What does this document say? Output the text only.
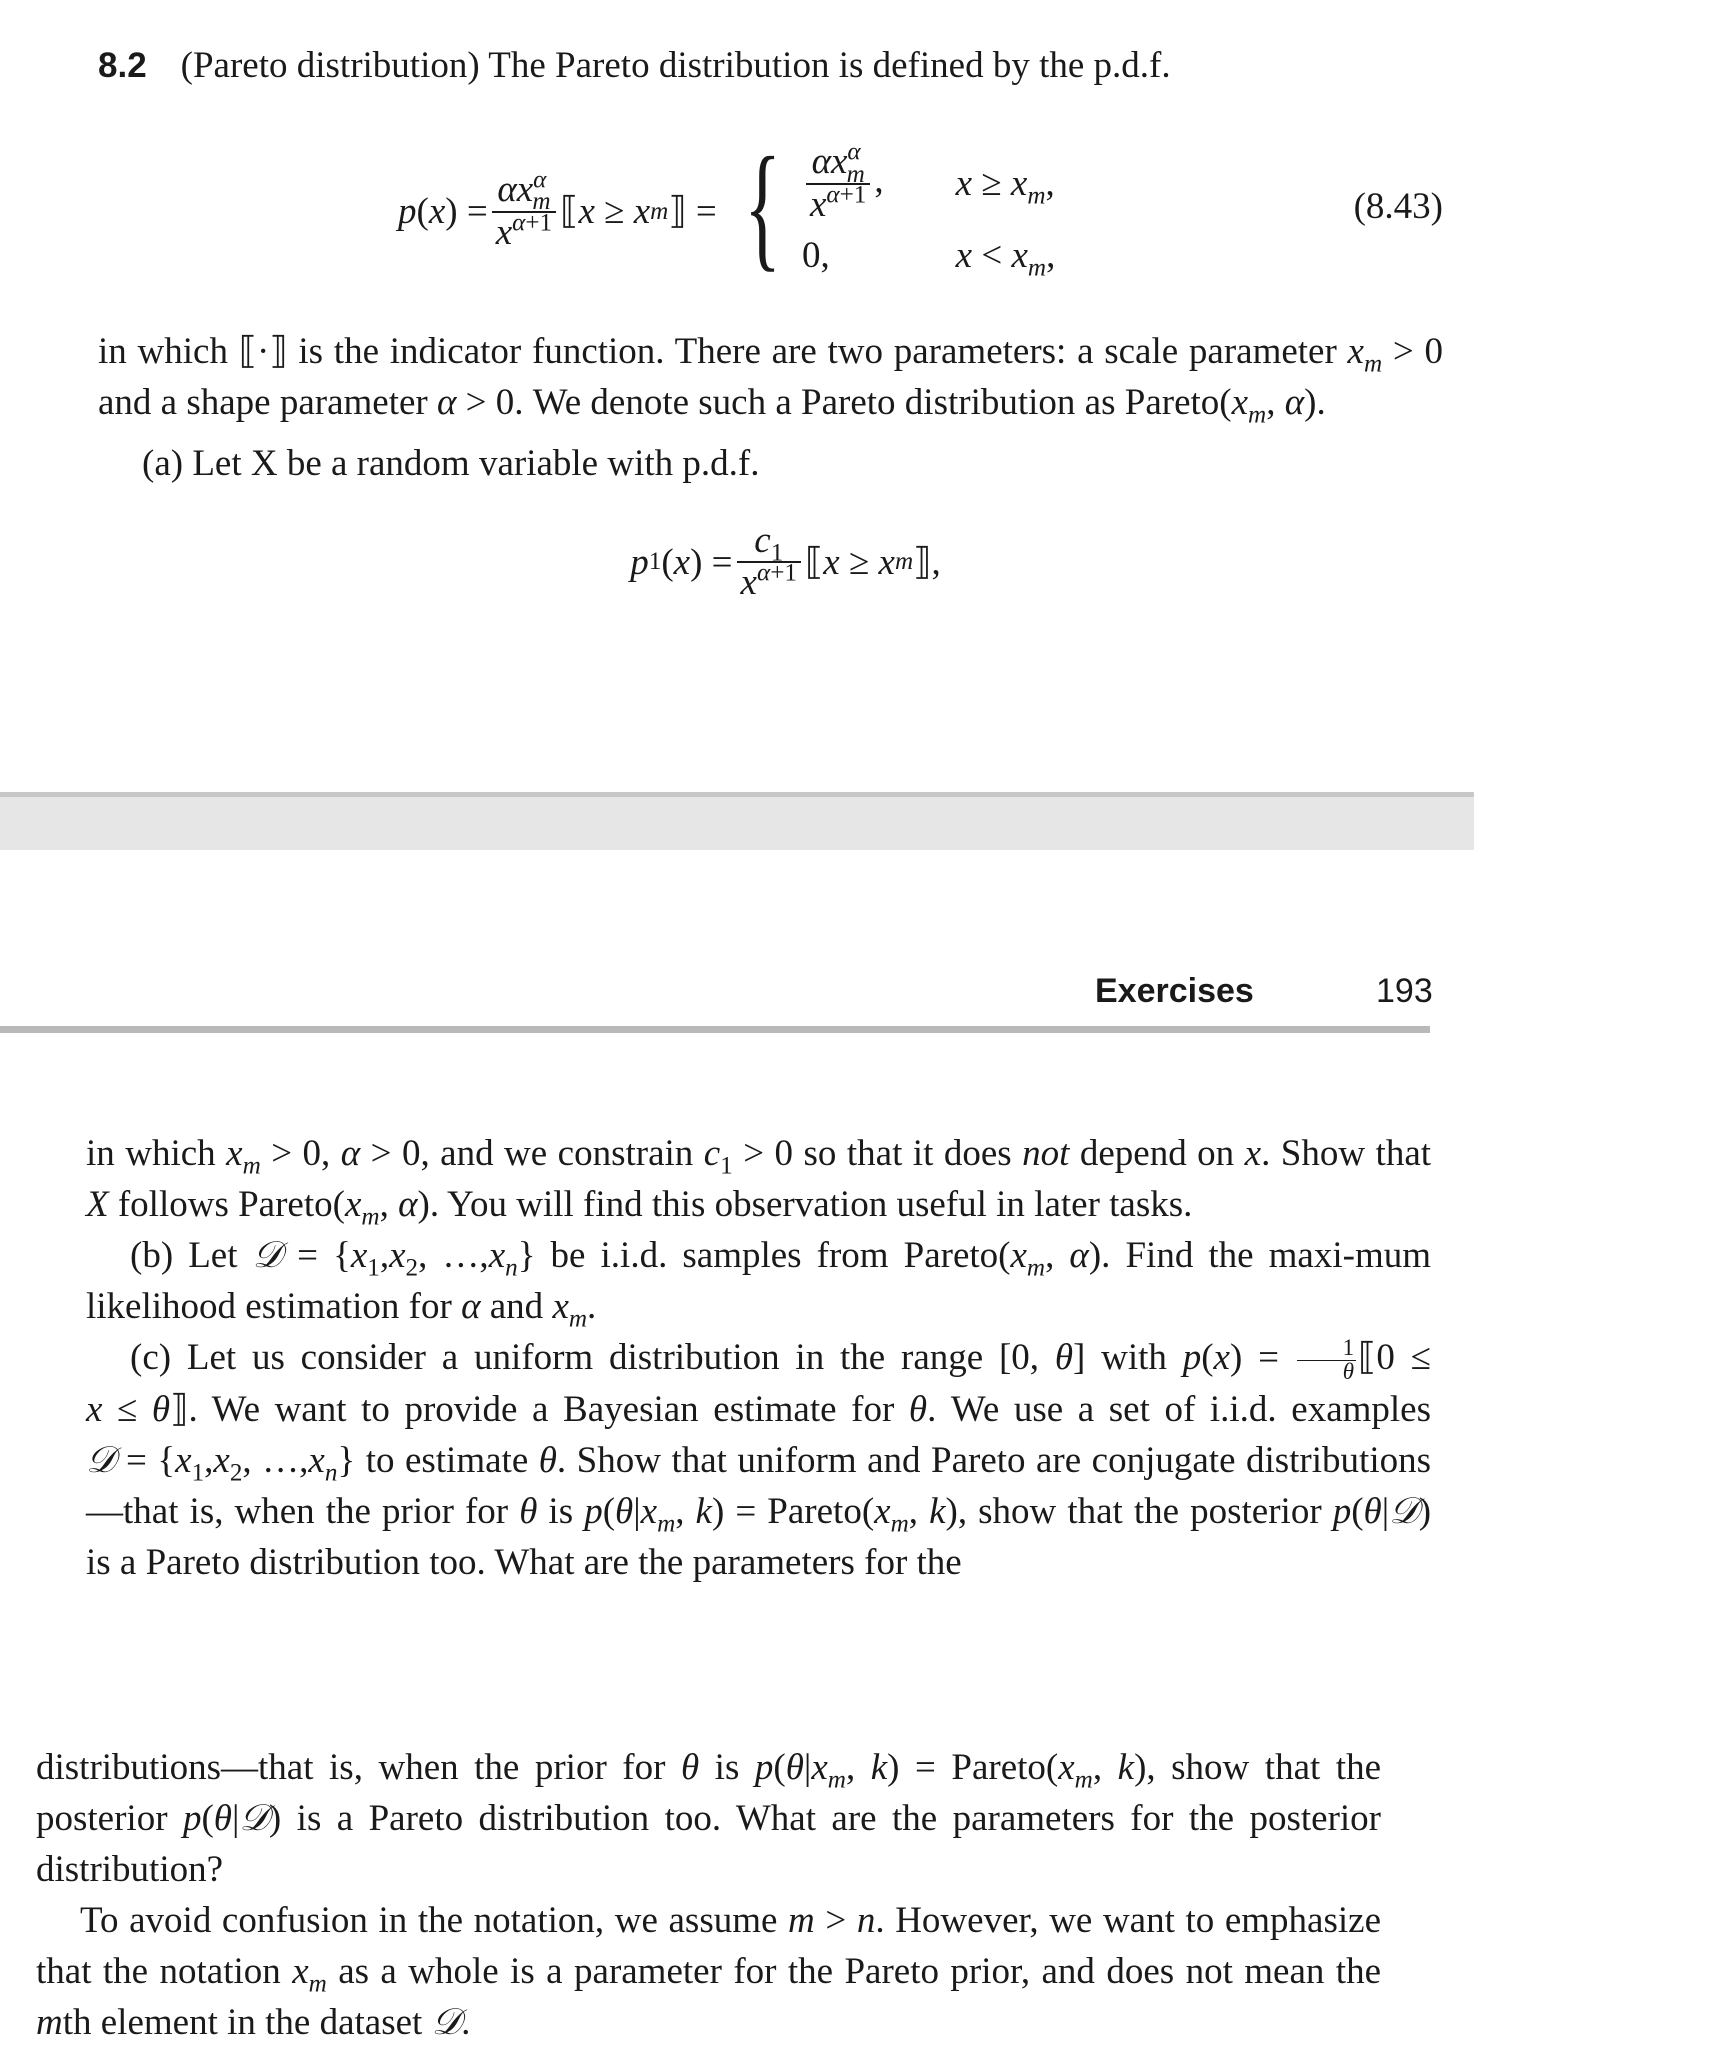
8.2 (Pareto distribution) The Pareto distribution is defined by the p.d.f.

p ( x ) = $\frac{\alpha x^\alpha_m}{x^{\alpha+1}}$ ⟦ x ≥ x m ⟧ = { $\frac{\alpha x^\alpha_m}{x^{\alpha+1}}$ , $x \ge x_m$,
0,	$x < x_m$,
(8.43)

in which ⟦·⟧ is the indicator function. There are two parameters: a scale parameter $x_m > 0$ and a shape parameter α > 0. We denote such a Pareto distribution as $Pareto(x_m$, α).

(a) Let X be a random variable with p.d.f.

p 1 ( x ) = $\frac{c_1}{x^{\alpha+1}}$ ⟦ x ≥ x m ⟧,
Exercises	193

in which $x_m > 0$, α > 0, and we constrain $c_1 > 0$ so that it does not depend on x. Show that X follows $Pareto(x_m$, α). You will find this observation useful in later tasks.

(b) Let 𝒟 = {$x_1,x_2$, $\dots,x_n$} be i.i.d. samples from $Pareto(x_m$, α). Find the maxi-mum likelihood estimation for α and $x_m$.

(c) Let us consider a uniform distribution in the range [0, θ] with $p(x) = \frac{1}{\theta}$ ⟦0 ≤ x ≤ θ⟧. We want to provide a Bayesian estimate for θ. We use a set of i.i.d. examples 𝒟 = {$x_1,x_2$, $\dots,x_n$} to estimate θ. Show that uniform and Pareto are conjugate distributions—that is, when the prior for θ is $p(\theta|x_m$, $k) = Pareto(x_m$, k), show that the posterior p(θ|𝒟) is a Pareto distribution too. What are the parameters for the

distributions—that is, when the prior for θ is $p(\theta|x_m$, $k) = Pareto(x_m$, k), show that the posterior p(θ|𝒟) is a Pareto distribution too. What are the parameters for the posterior distribution?

To avoid confusion in the notation, we assume m > n. However, we want to emphasize that the notation $x_m$ as a whole is a parameter for the Pareto prior, and does not mean the mth element in the dataset 𝒟.
